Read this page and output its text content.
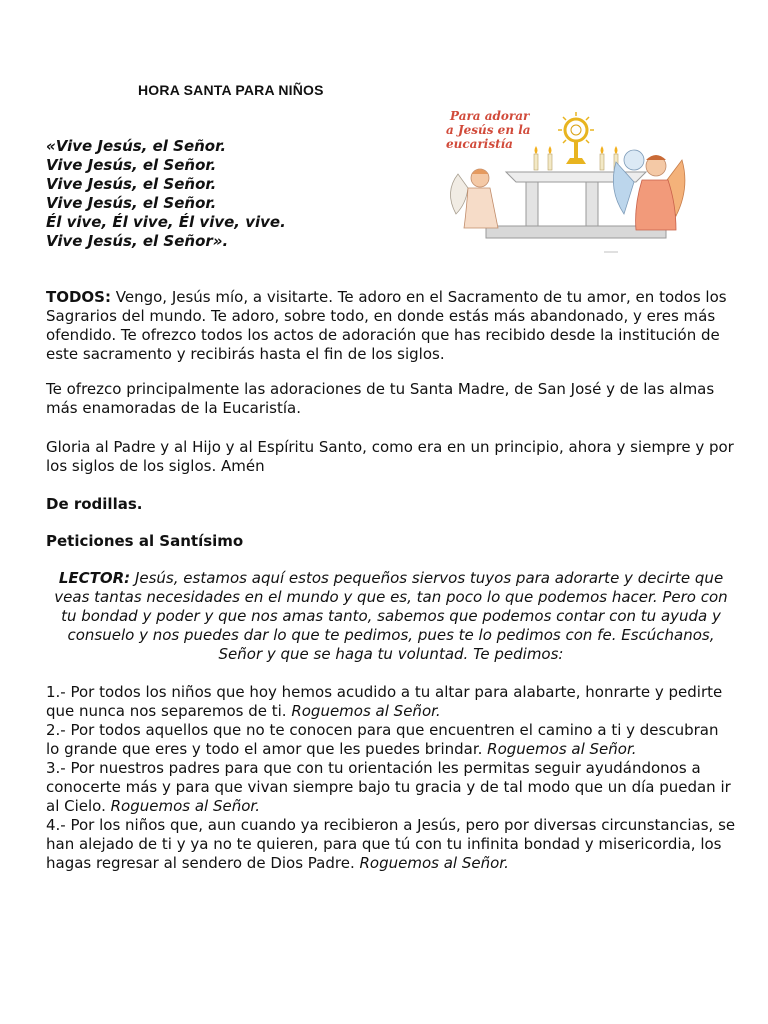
HORA SANTA PARA NIÑOS
«Vive Jesús, el Señor.
Vive Jesús, el Señor.
Vive Jesús, el Señor.
Vive Jesús, el Señor.
Él vive, Él vive, Él vive, vive.
Vive Jesús, el Señor».
Para adorar
a Jesús en la
eucaristía
TODOS: Vengo, Jesús mío, a visitarte. Te adoro en el Sacramento de tu amor, en todos los Sagrarios del mundo. Te adoro, sobre todo, en donde estás más abandonado, y eres más ofendido. Te ofrezco todos los actos de adoración que has recibido desde la institución de este sacramento y recibirás hasta el fin de los siglos.
Te ofrezco principalmente las adoraciones de tu Santa Madre, de San José y de las almas más enamoradas de la Eucaristía.
Gloria al Padre y al Hijo y al Espíritu Santo, como era en un principio, ahora y siempre y por los siglos de los siglos. Amén
De rodillas.
Peticiones al Santísimo
LECTOR: Jesús, estamos aquí estos pequeños siervos tuyos para adorarte y decirte que veas tantas necesidades en el mundo y que es, tan poco lo que podemos hacer. Pero con tu bondad y poder y que nos amas tanto, sabemos que podemos contar con tu ayuda y consuelo y nos puedes dar lo que te pedimos, pues te lo pedimos con fe. Escúchanos, Señor y que se haga tu voluntad. Te pedimos:

1.- Por todos los niños que hoy hemos acudido a tu altar para alabarte, honrarte y pedirte que nunca nos separemos de ti. Roguemos al Señor.

2.- Por todos aquellos que no te conocen para que encuentren el camino a ti y descubran lo grande que eres y todo el amor que les puedes brindar. Roguemos al Señor.

3.- Por nuestros padres para que con tu orientación les permitas seguir ayudándonos a conocerte más y para que vivan siempre bajo tu gracia y de tal modo que un día puedan ir al Cielo. Roguemos al Señor.

4.- Por los niños que, aun cuando ya recibieron a Jesús, pero por diversas circunstancias, se han alejado de ti y ya no te quieren, para que tú con tu infinita bondad y misericordia, los hagas regresar al sendero de Dios Padre. Roguemos al Señor.
